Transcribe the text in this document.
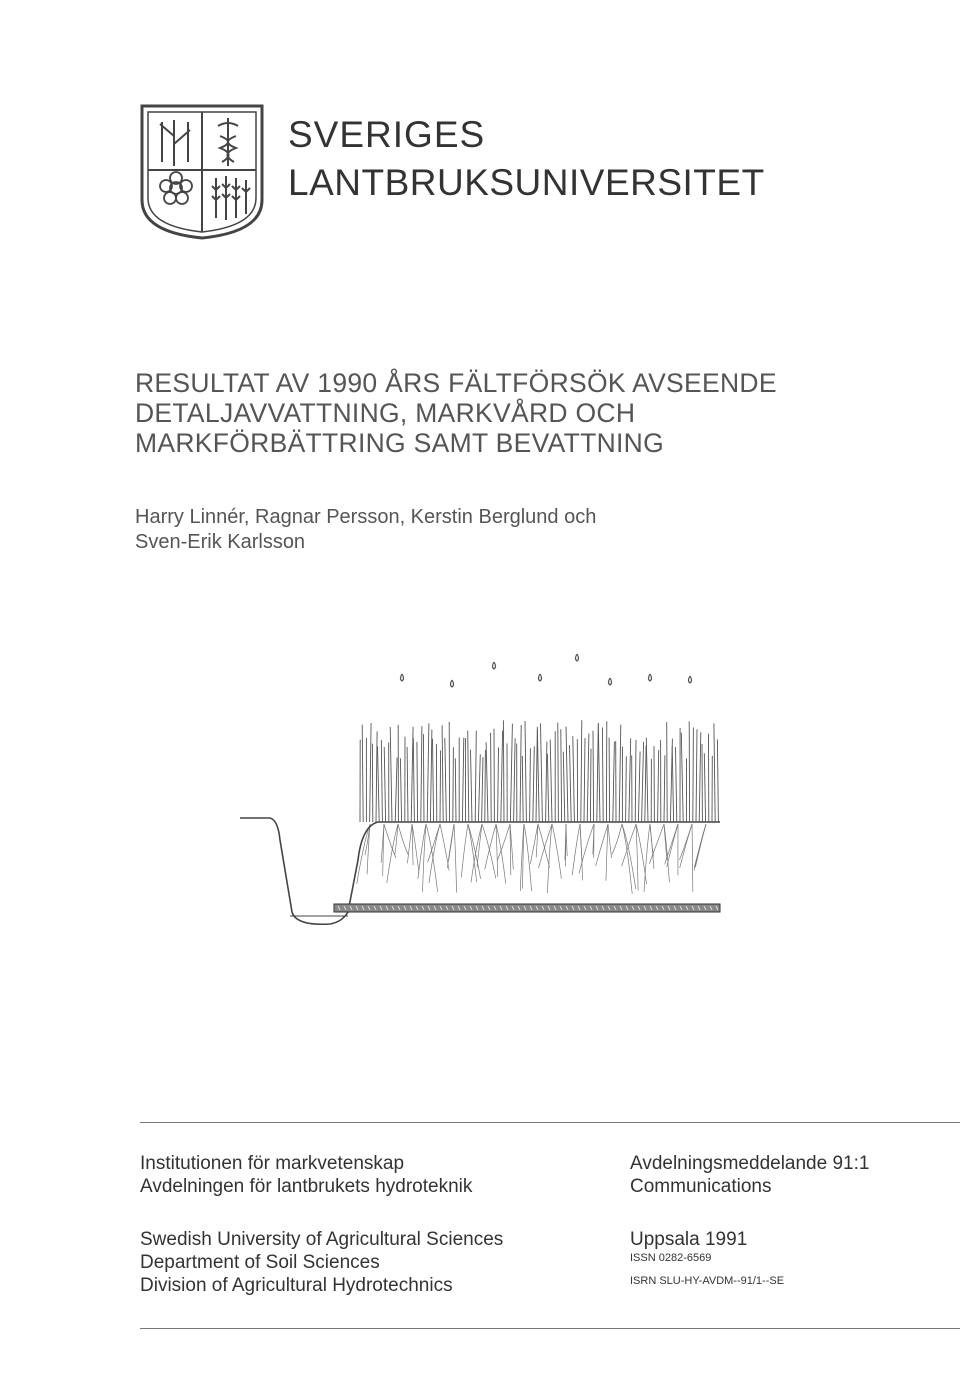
SVERIGES
LANTBRUKSUNIVERSITET
RESULTAT AV 1990 ÅRS FÄLTFÖRSÖK AVSEENDE
DETALJAVVATTNING, MARKVÅRD OCH
MARKFÖRBÄTTRING SAMT BEVATTNING
Harry Linnér, Ragnar Persson, Kerstin Berglund och
Sven-Erik Karlsson
Institutionen för markvetenskap
Avdelningen för lantbrukets hydroteknik
Swedish University of Agricultural Sciences
Department of Soil Sciences
Division of Agricultural Hydrotechnics
Avdelningsmeddelande 91:1
Communications
Uppsala 1991
ISSN 0282-6569
ISRN SLU-HY-AVDM--91/1--SE
